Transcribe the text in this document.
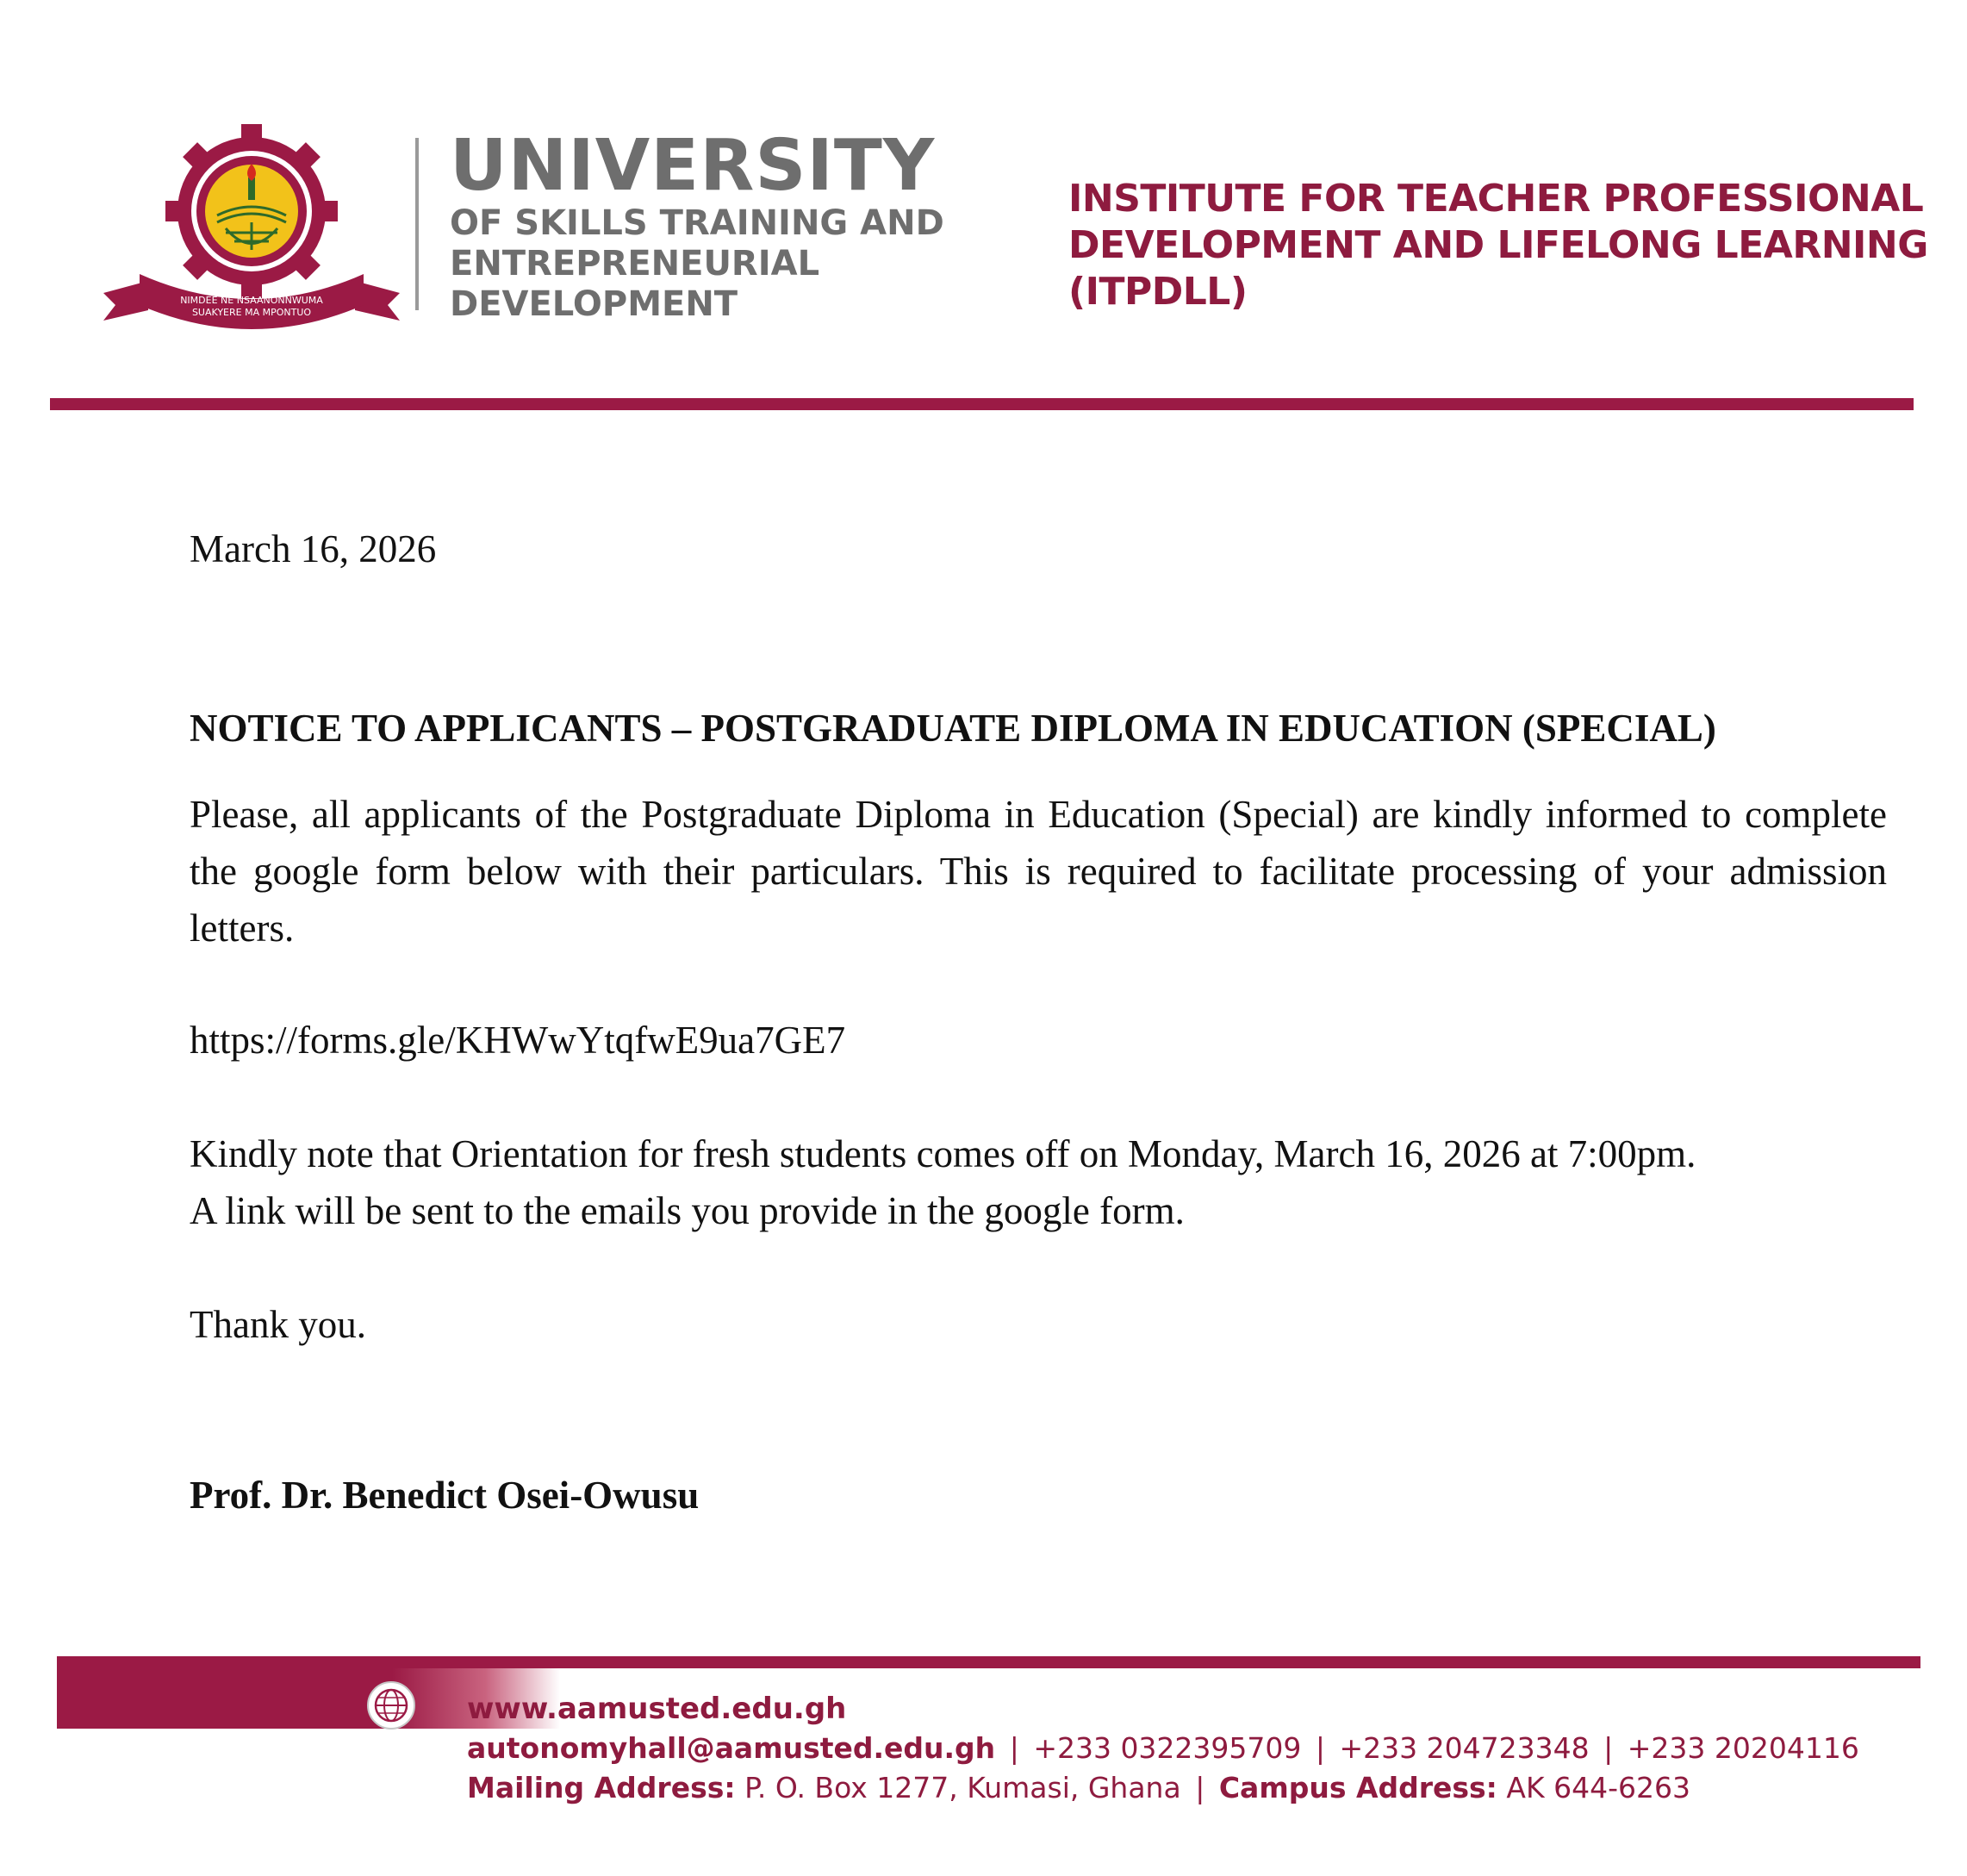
NIMDEE NE NSAANONNWUMA
SUAKYERE MA MPONTUO
UNIVERSITY
OF SKILLS TRAINING AND
ENTREPRENEURIAL
DEVELOPMENT
INSTITUTE FOR TEACHER PROFESSIONAL
DEVELOPMENT AND LIFELONG LEARNING
(ITPDLL)
March 16, 2026
NOTICE TO APPLICANTS – POSTGRADUATE DIPLOMA IN EDUCATION (SPECIAL)
Please, all applicants of the Postgraduate Diploma in Education (Special) are kindly informed to complete the google form below with their particulars. This is required to facilitate processing of your admission letters.
https://forms.gle/KHWwYtqfwE9ua7GE7
Kindly note that Orientation for fresh students comes off on Monday, March 16, 2026 at 7:00pm.
A link will be sent to the emails you provide in the google form.
Thank you.
Prof. Dr. Benedict Osei-Owusu
www.aamusted.edu.gh
autonomyhall@aamusted.edu.gh | +233 0322395709 | +233 204723348 | +233 20204116
Mailing Address: P. O. Box 1277, Kumasi, Ghana | Campus Address: AK 644-6263
